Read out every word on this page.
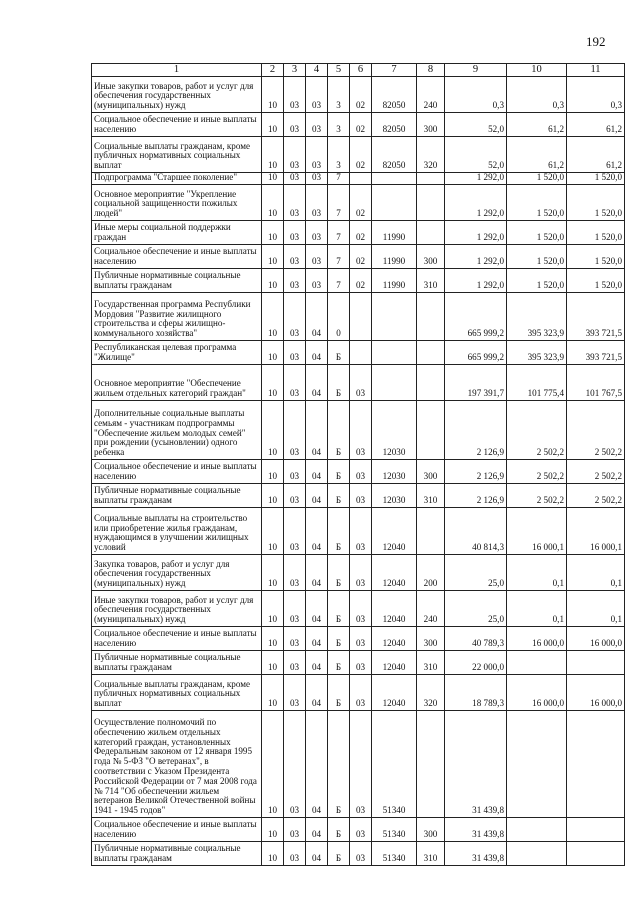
192
1	2	3	4	5	6	7	8	9	10	11
Иные закупки товаров, работ и услуг для обеспечения государственных (муниципальных) нужд	10	03	03	3	02	82050	240	0,3	0,3	0,3
Социальное обеспечение и иные выплаты населению	10	03	03	3	02	82050	300	52,0	61,2	61,2
Социальные выплаты гражданам, кроме публичных нормативных социальных выплат	10	03	03	3	02	82050	320	52,0	61,2	61,2
Подпрограмма "Старшее поколение"	10	03	03	7				1 292,0	1 520,0	1 520,0
Основное мероприятие "Укрепление социальной защищенности пожилых людей"	10	03	03	7	02			1 292,0	1 520,0	1 520,0
Иные меры социальной поддержки граждан	10	03	03	7	02	11990		1 292,0	1 520,0	1 520,0
Социальное обеспечение и иные выплаты населению	10	03	03	7	02	11990	300	1 292,0	1 520,0	1 520,0
Публичные нормативные социальные выплаты гражданам	10	03	03	7	02	11990	310	1 292,0	1 520,0	1 520,0
Государственная программа Республики Мордовия "Развитие жилищного строительства и сферы жилищно-коммунального хозяйства"	10	03	04	0				665 999,2	395 323,9	393 721,5
Республиканская целевая программа "Жилище"	10	03	04	Б				665 999,2	395 323,9	393 721,5
Основное мероприятие "Обеспечение жильем отдельных категорий граждан"	10	03	04	Б	03			197 391,7	101 775,4	101 767,5
Дополнительные социальные выплаты семьям - участникам подпрограммы "Обеспечение жильем молодых семей" при рождении (усыновлении) одного ребенка	10	03	04	Б	03	12030		2 126,9	2 502,2	2 502,2
Социальное обеспечение и иные выплаты населению	10	03	04	Б	03	12030	300	2 126,9	2 502,2	2 502,2
Публичные нормативные социальные выплаты гражданам	10	03	04	Б	03	12030	310	2 126,9	2 502,2	2 502,2
Социальные выплаты на строительство или приобретение жилья гражданам, нуждающимся в улучшении жилищных условий	10	03	04	Б	03	12040		40 814,3	16 000,1	16 000,1
Закупка товаров, работ и услуг для обеспечения государственных (муниципальных) нужд	10	03	04	Б	03	12040	200	25,0	0,1	0,1
Иные закупки товаров, работ и услуг для обеспечения государственных (муниципальных) нужд	10	03	04	Б	03	12040	240	25,0	0,1	0,1
Социальное обеспечение и иные выплаты населению	10	03	04	Б	03	12040	300	40 789,3	16 000,0	16 000,0
Публичные нормативные социальные выплаты гражданам	10	03	04	Б	03	12040	310	22 000,0		
Социальные выплаты гражданам, кроме публичных нормативных социальных выплат	10	03	04	Б	03	12040	320	18 789,3	16 000,0	16 000,0
Осуществление полномочий по обеспечению жильем отдельных категорий граждан, установленных Федеральным законом от 12 января 1995 года № 5-ФЗ "О ветеранах", в соответствии с Указом Президента Российской Федерации от 7 мая 2008 года № 714 "Об обеспечении жильем ветеранов Великой Отечественной войны 1941 - 1945 годов"	10	03	04	Б	03	51340		31 439,8		
Социальное обеспечение и иные выплаты населению	10	03	04	Б	03	51340	300	31 439,8		
Публичные нормативные социальные выплаты гражданам	10	03	04	Б	03	51340	310	31 439,8		
